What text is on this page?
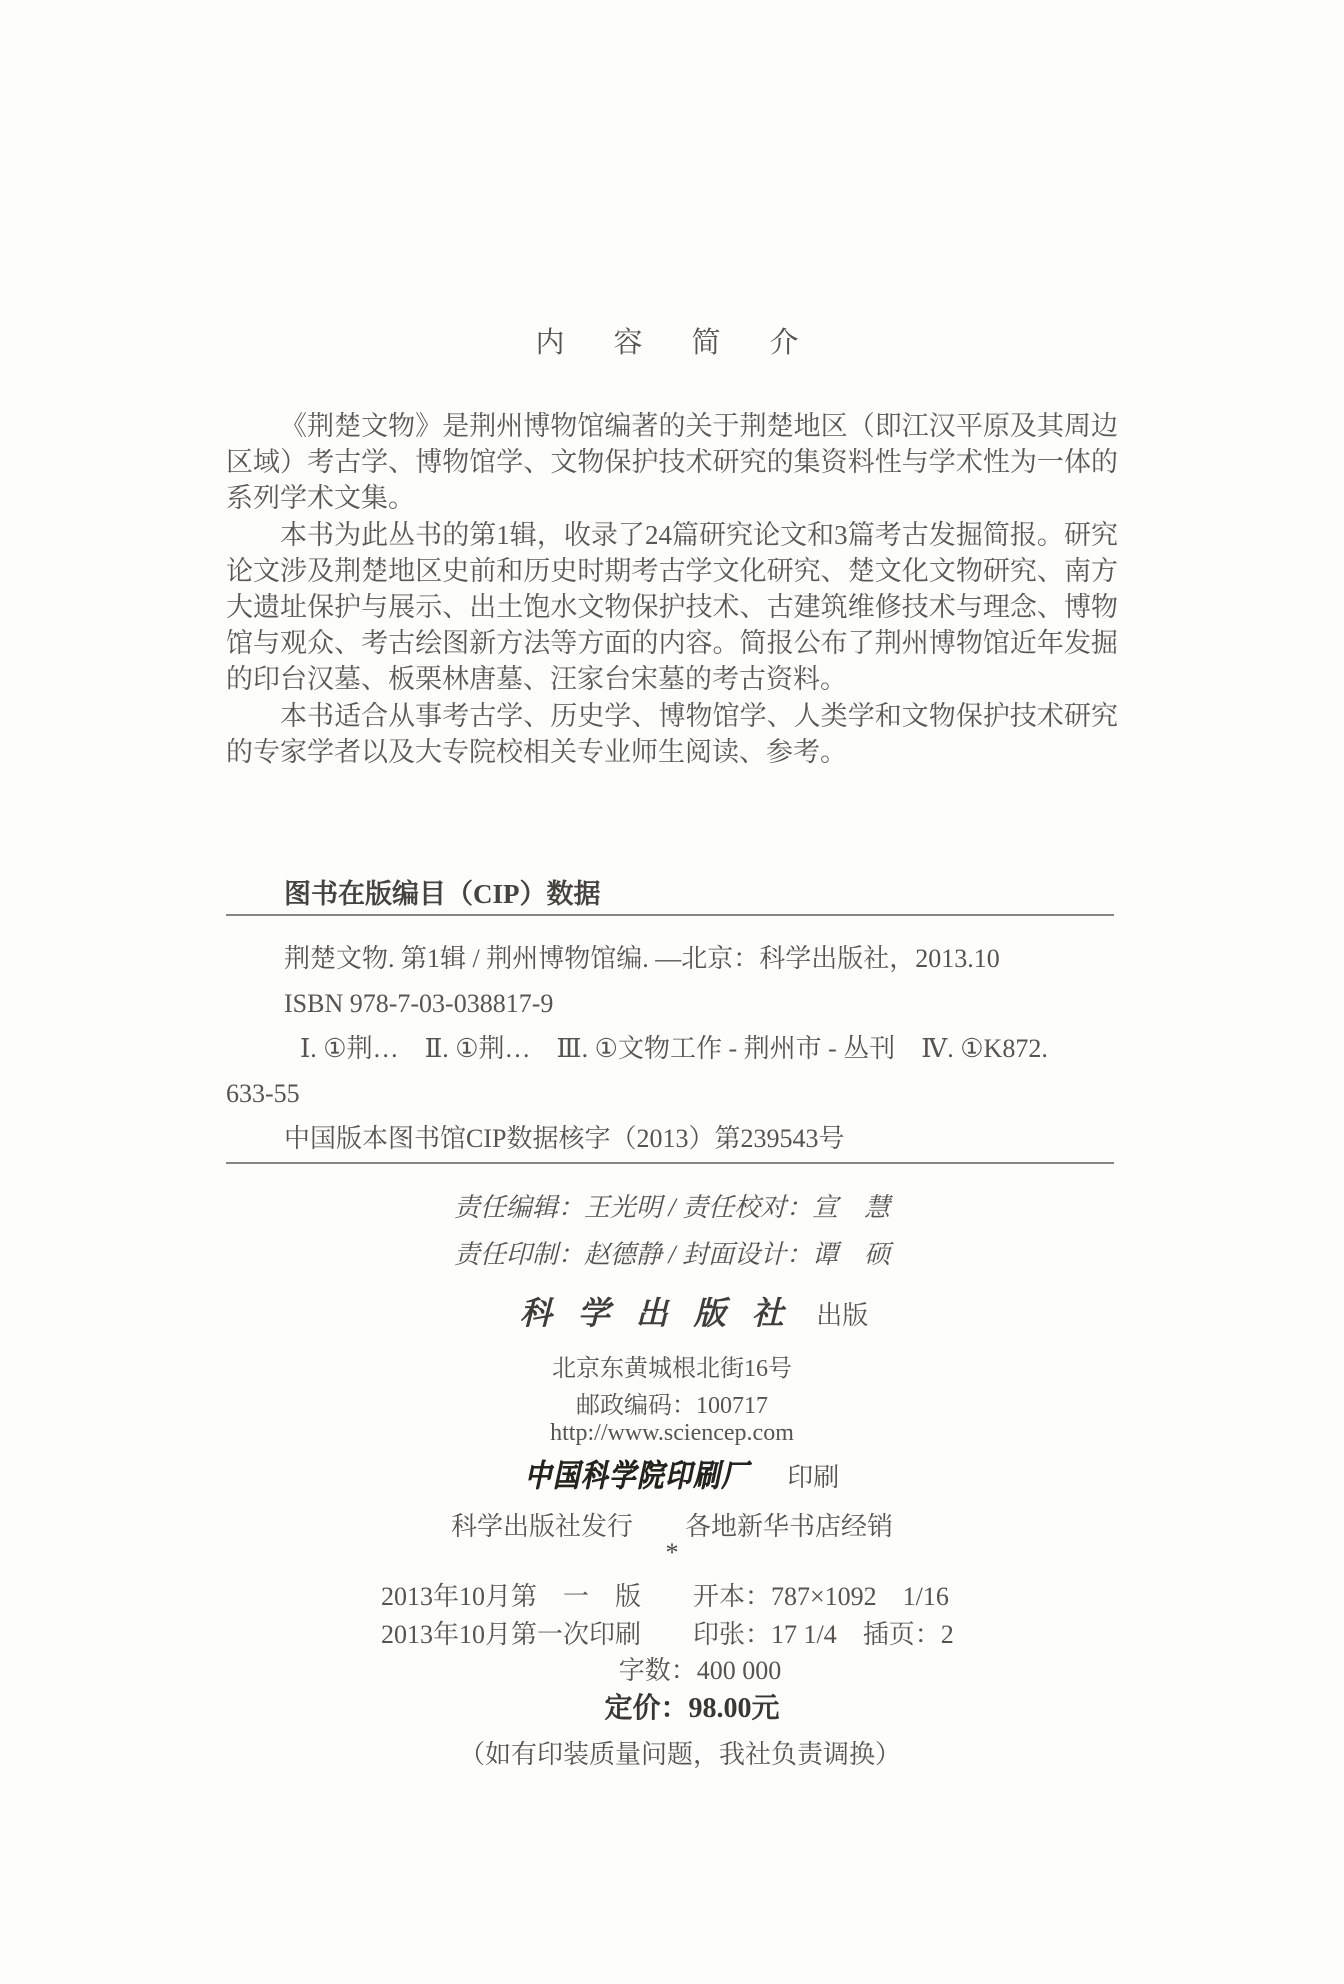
内　容　简　介

《荆楚文物》是荆州博物馆编著的关于荆楚地区（即江汉平原及其周边区域）考古学、博物馆学、文物保护技术研究的集资料性与学术性为一体的系列学术文集。

本书为此丛书的第1辑，收录了24篇研究论文和3篇考古发掘简报。研究论文涉及荆楚地区史前和历史时期考古学文化研究、楚文化文物研究、南方大遗址保护与展示、出土饱水文物保护技术、古建筑维修技术与理念、博物馆与观众、考古绘图新方法等方面的内容。简报公布了荆州博物馆近年发掘的印台汉墓、板栗林唐墓、汪家台宋墓的考古资料。

本书适合从事考古学、历史学、博物馆学、人类学和文物保护技术研究的专家学者以及大专院校相关专业师生阅读、参考。

图书在版编目（CIP）数据
荆楚文物. 第1辑 / 荆州博物馆编. —北京：科学出版社，2013.10
ISBN 978-7-03-038817-9
Ⅰ. ①荆…　Ⅱ. ①荆…　Ⅲ. ①文物工作 - 荆州市 - 丛刊　Ⅳ. ①K872.
633-55
中国版本图书馆CIP数据核字（2013）第239543号
责任编辑：王光明 / 责任校对：宣　慧
责任印制：赵德静 / 封面设计：谭　硕
科学出版社 出版
北京东黄城根北街16号
邮政编码：100717
http://www.sciencep.com
中国科学院印刷厂 印刷
科学出版社发行　　各地新华书店经销
*
2013年10月第　一　版	开本：787×1092　1/16
2013年10月第一次印刷	印张：17 1/4　插页：2
字数：400 000
定价：98.00元
（如有印装质量问题，我社负责调换）
